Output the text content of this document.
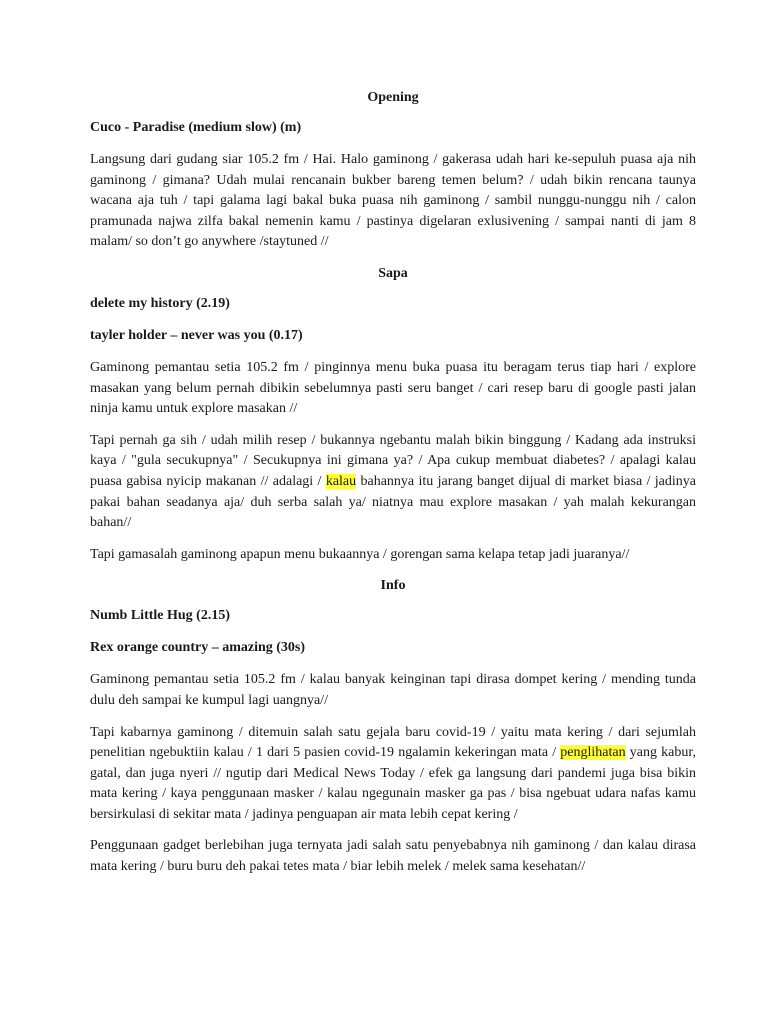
Opening
Cuco - Paradise (medium slow) (m)

Langsung dari gudang siar 105.2 fm / Hai. Halo gaminong / gakerasa udah hari ke-sepuluh puasa aja nih gaminong / gimana? Udah mulai rencanain bukber bareng temen belum? / udah bikin rencana taunya wacana aja tuh / tapi galama lagi bakal buka puasa nih gaminong / sambil nunggu-nunggu nih / calon pramunada najwa zilfa bakal nemenin kamu / pastinya digelaran exlusivening / sampai nanti di jam 8 malam/ so don’t go anywhere /staytuned //

Sapa
delete my history (2.19)
tayler holder – never was you (0.17)

Gaminong pemantau setia 105.2 fm / pinginnya menu buka puasa itu beragam terus tiap hari / explore masakan yang belum pernah dibikin sebelumnya pasti seru banget / cari resep baru di google pasti jalan ninja kamu untuk explore masakan //

Tapi pernah ga sih / udah milih resep / bukannya ngebantu malah bikin binggung / Kadang ada instruksi kaya / "gula secukupnya" / Secukupnya ini gimana ya? / Apa cukup membuat diabetes? / apalagi kalau puasa gabisa nyicip makanan // adalagi / kalau bahannya itu jarang banget dijual di market biasa / jadinya pakai bahan seadanya aja/ duh serba salah ya/ niatnya mau explore masakan / yah malah kekurangan bahan//

Tapi gamasalah gaminong apapun menu bukaannya / gorengan sama kelapa tetap jadi juaranya//

Info
Numb Little Hug (2.15)
Rex orange country – amazing (30s)

Gaminong pemantau setia 105.2 fm / kalau banyak keinginan tapi dirasa dompet kering / mending tunda dulu deh sampai ke kumpul lagi uangnya//

Tapi kabarnya gaminong / ditemuin salah satu gejala baru covid-19 / yaitu mata kering / dari sejumlah penelitian ngebuktiin kalau / 1 dari 5 pasien covid-19 ngalamin kekeringan mata / penglihatan yang kabur, gatal, dan juga nyeri // ngutip dari Medical News Today / efek ga langsung dari pandemi juga bisa bikin mata kering / kaya penggunaan masker / kalau ngegunain masker ga pas / bisa ngebuat udara nafas kamu bersirkulasi di sekitar mata / jadinya penguapan air mata lebih cepat kering /

Penggunaan gadget berlebihan juga ternyata jadi salah satu penyebabnya nih gaminong / dan kalau dirasa mata kering / buru buru deh pakai tetes mata / biar lebih melek / melek sama kesehatan//
